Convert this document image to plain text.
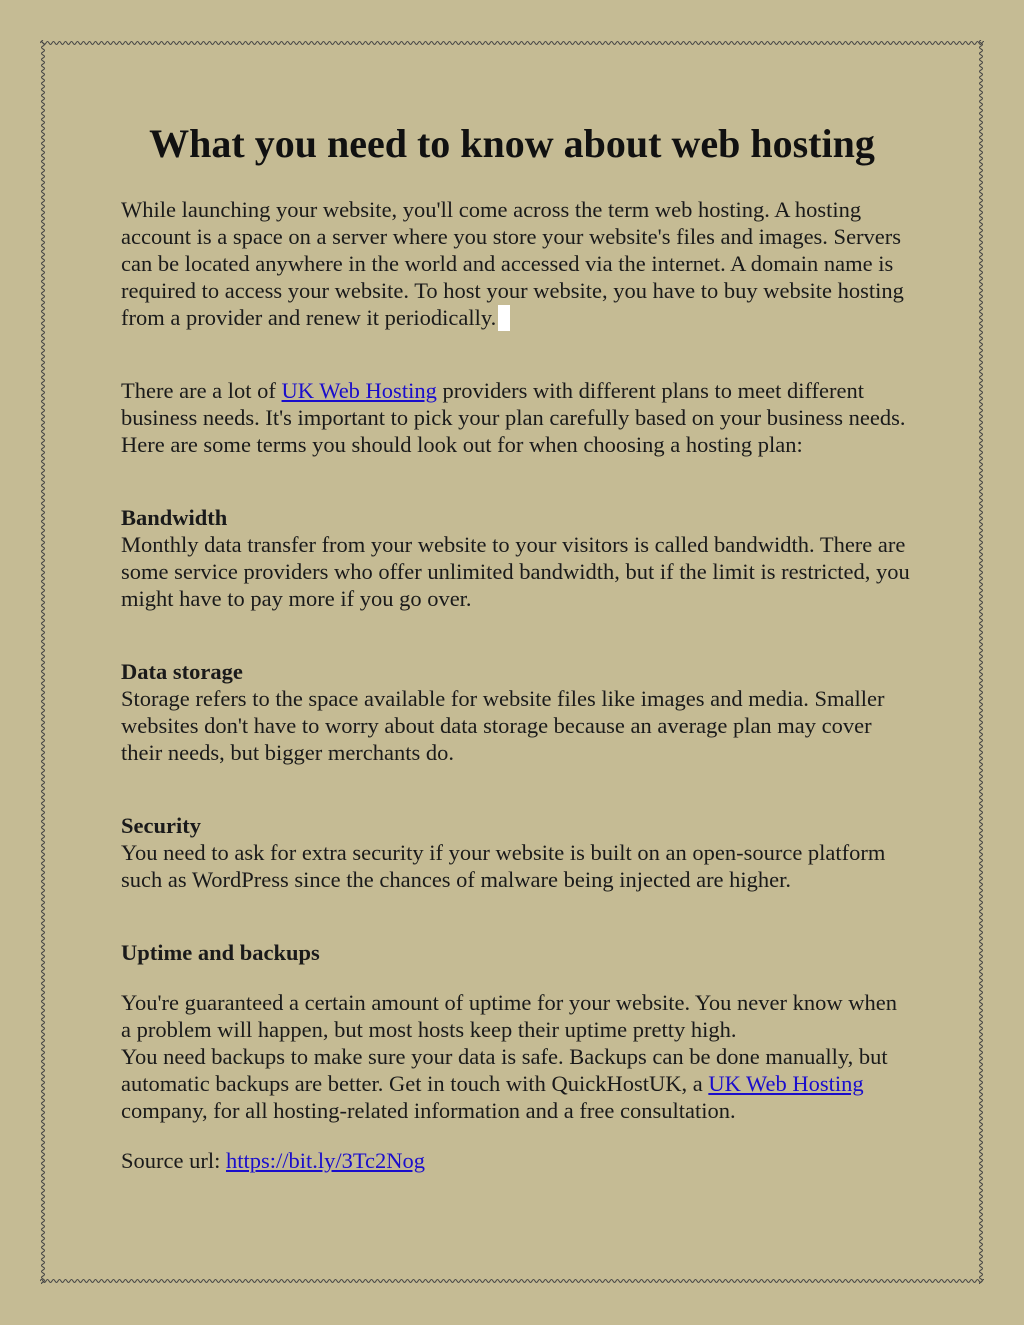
What you need to know about web hosting

While launching your website, you'll come across the term web hosting. A hosting account is a space on a server where you store your website's files and images. Servers can be located anywhere in the world and accessed via the internet. A domain name is required to access your website. To host your website, you have to buy website hosting from a provider and renew it periodically.

There are a lot of UK Web Hosting providers with different plans to meet different business needs. It's important to pick your plan carefully based on your business needs. Here are some terms you should look out for when choosing a hosting plan:

Bandwidth

Monthly data transfer from your website to your visitors is called bandwidth. There are some service providers who offer unlimited bandwidth, but if the limit is restricted, you might have to pay more if you go over.

Data storage

Storage refers to the space available for website files like images and media. Smaller websites don't have to worry about data storage because an average plan may cover their needs, but bigger merchants do.

Security

You need to ask for extra security if your website is built on an open-source platform such as WordPress since the chances of malware being injected are higher.

Uptime and backups

You're guaranteed a certain amount of uptime for your website. You never know when a problem will happen, but most hosts keep their uptime pretty high.

You need backups to make sure your data is safe. Backups can be done manually, but automatic backups are better. Get in touch with QuickHostUK, a UK Web Hosting company, for all hosting-related information and a free consultation.

Source url: https://bit.ly/3Tc2Nog
